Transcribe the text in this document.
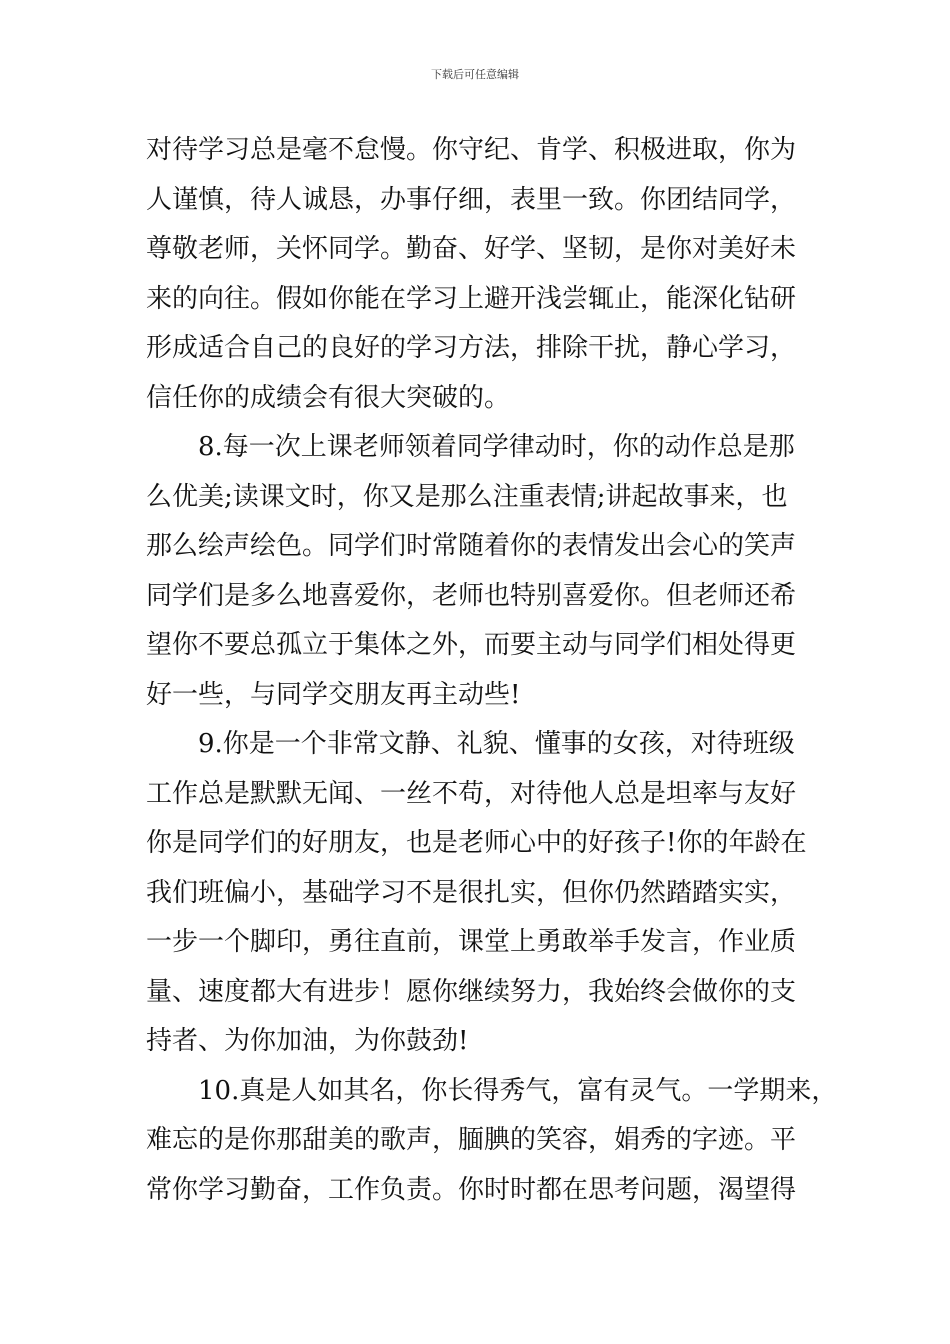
下载后可任意编辑
对待学习总是毫不怠慢。你守纪、肯学、积极进取，你为
人谨慎，待人诚恳，办事仔细，表里一致。你团结同学，
尊敬老师，关怀同学。勤奋、好学、坚韧，是你对美好未
来的向往。假如你能在学习上避开浅尝辄止，能深化钻研
形成适合自己的良好的学习方法，排除干扰，静心学习，
信任你的成绩会有很大突破的。
　　8.每一次上课老师领着同学律动时，你的动作总是那
么优美;读课文时，你又是那么注重表情;讲起故事来，也
那么绘声绘色。同学们时常随着你的表情发出会心的笑声
同学们是多么地喜爱你，老师也特别喜爱你。但老师还希
望你不要总孤立于集体之外，而要主动与同学们相处得更
好一些，与同学交朋友再主动些!
　　9.你是一个非常文静、礼貌、懂事的女孩，对待班级
工作总是默默无闻、一丝不苟，对待他人总是坦率与友好
你是同学们的好朋友，也是老师心中的好孩子!你的年龄在
我们班偏小，基础学习不是很扎实，但你仍然踏踏实实，
一步一个脚印，勇往直前，课堂上勇敢举手发言，作业质
量、速度都大有进步！愿你继续努力，我始终会做你的支
持者、为你加油，为你鼓劲!
　　10.真是人如其名，你长得秀气，富有灵气。一学期来，
难忘的是你那甜美的歌声，腼腆的笑容，娟秀的字迹。平
常你学习勤奋，工作负责。你时时都在思考问题，渴望得
